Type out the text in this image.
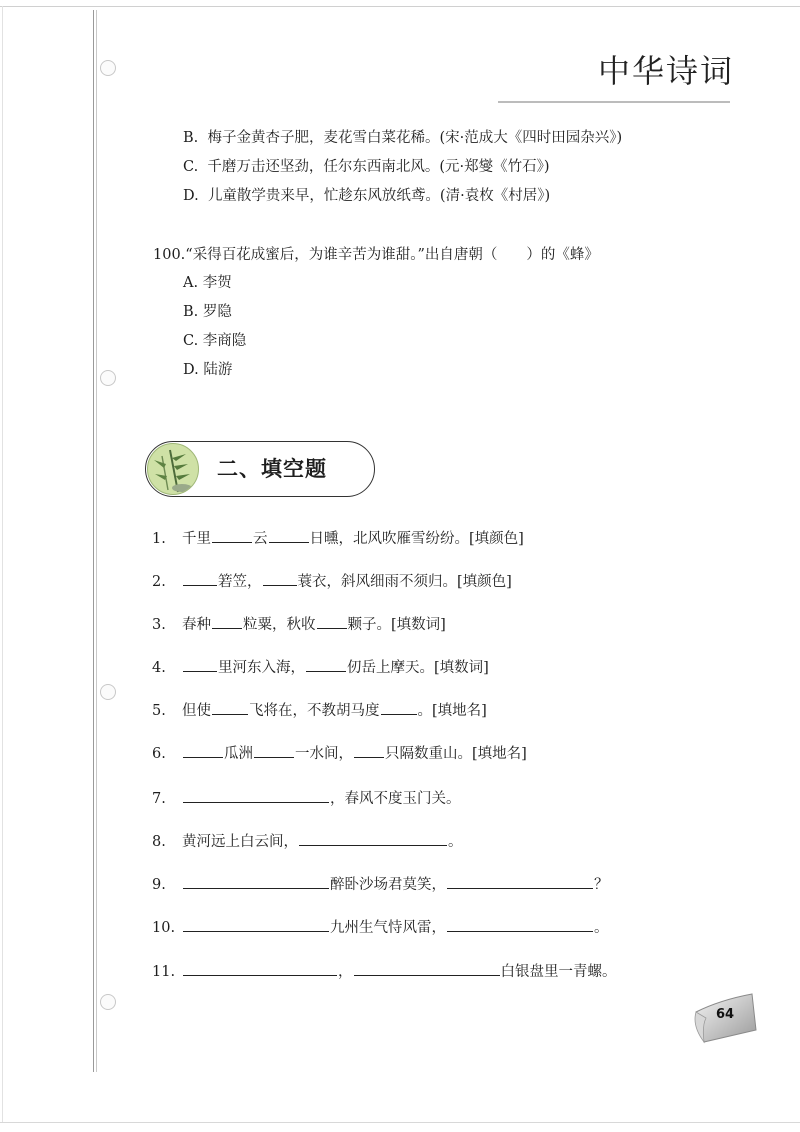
中华诗词
B. 梅子金黄杏子肥，麦花雪白菜花稀。(宋·范成大《四时田园杂兴》)
C. 千磨万击还坚劲，任尔东西南北风。(元·郑燮《竹石》)
D. 儿童散学贵来早，忙趁东风放纸鸢。(清·袁枚《村居》)
100.“采得百花成蜜后，为谁辛苦为谁甜。”出自唐朝（　　）的《蜂》
A. 李贺
B. 罗隐
C. 李商隐
D. 陆游
二、填空题
1. 千里	云	日曛，北风吹雁雪纷纷。[填颜色]
2.	箬笠， 蓑衣，斜风细雨不须归。[填颜色]
3. 春种 粒粟，秋收 颗子。[填数词]
4.	里河东入海，	仞岳上摩天。[填数词]
5. 但使	飞将在，不教胡马度	。[填地名]
6.	瓜洲	一水间， 只隔数重山。[填地名]
7.	，春风不度玉门关。
8. 黄河远上白云间，	。
9.	醉卧沙场君莫笑，	？
10.	九州生气恃风雷，	。
11.	，	白银盘里一青螺。
64
